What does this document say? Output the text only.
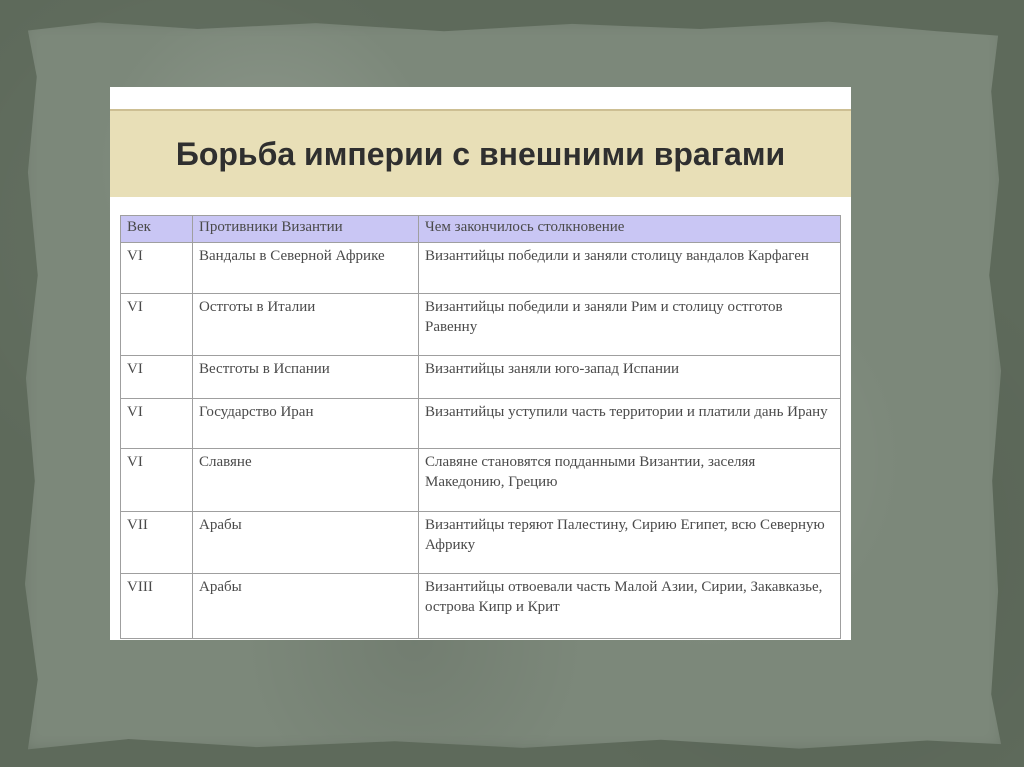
Борьба империи с внешними врагами
Век	Противники Византии	Чем закончилось столкновение
VI	Вандалы в Северной Африке	Византийцы победили и заняли столицу вандалов Карфаген
VI	Остготы в Италии	Византийцы победили и заняли Рим и столицу остготов Равенну
VI	Вестготы в Испании	Византийцы заняли юго-запад Испании
VI	Государство Иран	Византийцы уступили часть территории и платили дань Ирану
VI	Славяне	Славяне становятся подданными Византии, заселяя Македонию, Грецию
VII	Арабы	Византийцы теряют Палестину, Сирию Египет, всю Северную Африку
VIII	Арабы	Византийцы отвоевали часть Малой Азии, Сирии, Закавказье, острова Кипр и Крит
